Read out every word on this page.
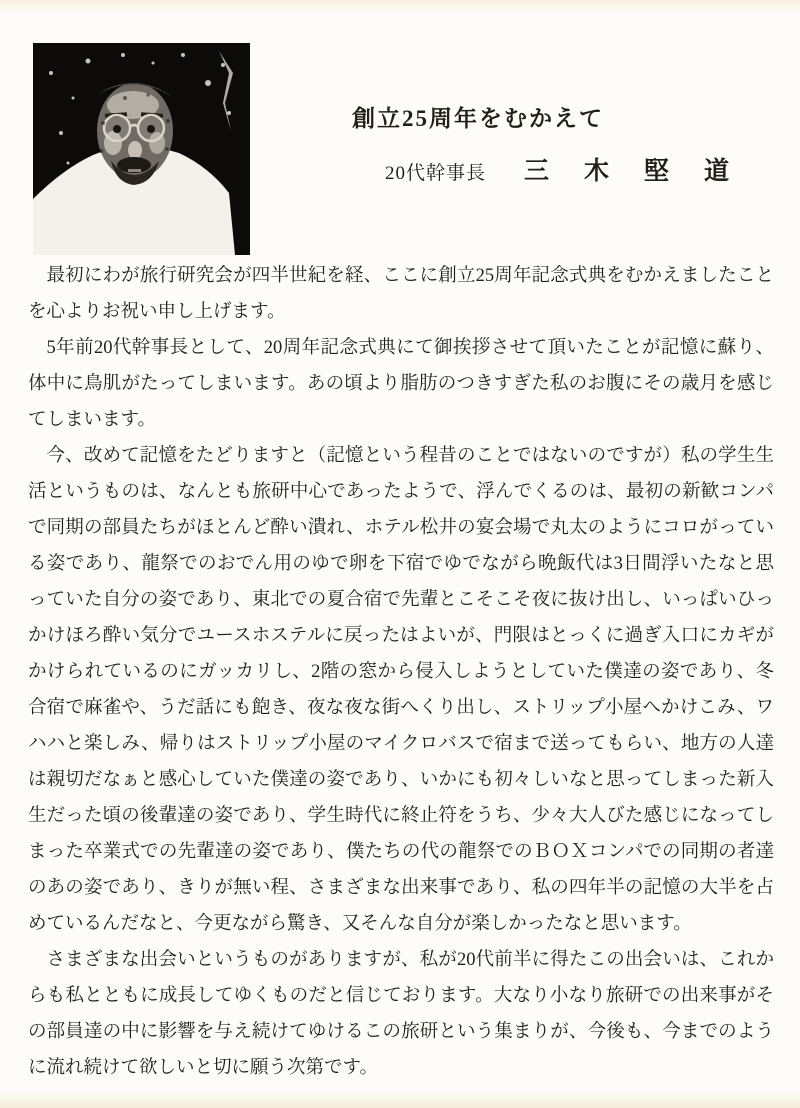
創立25周年をむかえて
20代幹事長 三　木　堅　道

最初にわが旅行研究会が四半世紀を経、ここに創立25周年記念式典をむかえましたことを心よりお祝い申し上げます。

5年前20代幹事長として、20周年記念式典にて御挨拶させて頂いたことが記憶に蘇り、体中に鳥肌がたってしまいます。あの頃より脂肪のつきすぎた私のお腹にその歳月を感じてしまいます。

今、改めて記憶をたどりますと（記憶という程昔のことではないのですが）私の学生生活というものは、なんとも旅研中心であったようで、浮んでくるのは、最初の新歓コンパで同期の部員たちがほとんど酔い潰れ、ホテル松井の宴会場で丸太のようにコロがっている姿であり、龍祭でのおでん用のゆで卵を下宿でゆでながら晩飯代は3日間浮いたなと思っていた自分の姿であり、東北での夏合宿で先輩とこそこそ夜に抜け出し、いっぱいひっかけほろ酔い気分でユースホステルに戻ったはよいが、門限はとっくに過ぎ入口にカギがかけられているのにガッカリし、2階の窓から侵入しようとしていた僕達の姿であり、冬合宿で麻雀や、うだ話にも飽き、夜な夜な街へくり出し、ストリップ小屋へかけこみ、ワハハと楽しみ、帰りはストリップ小屋のマイクロバスで宿まで送ってもらい、地方の人達は親切だなぁと感心していた僕達の姿であり、いかにも初々しいなと思ってしまった新入生だった頃の後輩達の姿であり、学生時代に終止符をうち、少々大人びた感じになってしまった卒業式での先輩達の姿であり、僕たちの代の龍祭でのＢＯＸコンパでの同期の者達のあの姿であり、きりが無い程、さまざまな出来事であり、私の四年半の記憶の大半を占めているんだなと、今更ながら驚き、又そんな自分が楽しかったなと思います。

さまざまな出会いというものがありますが、私が20代前半に得たこの出会いは、これからも私とともに成長してゆくものだと信じております。大なり小なり旅研での出来事がその部員達の中に影響を与え続けてゆけるこの旅研という集まりが、今後も、今までのように流れ続けて欲しいと切に願う次第です。
